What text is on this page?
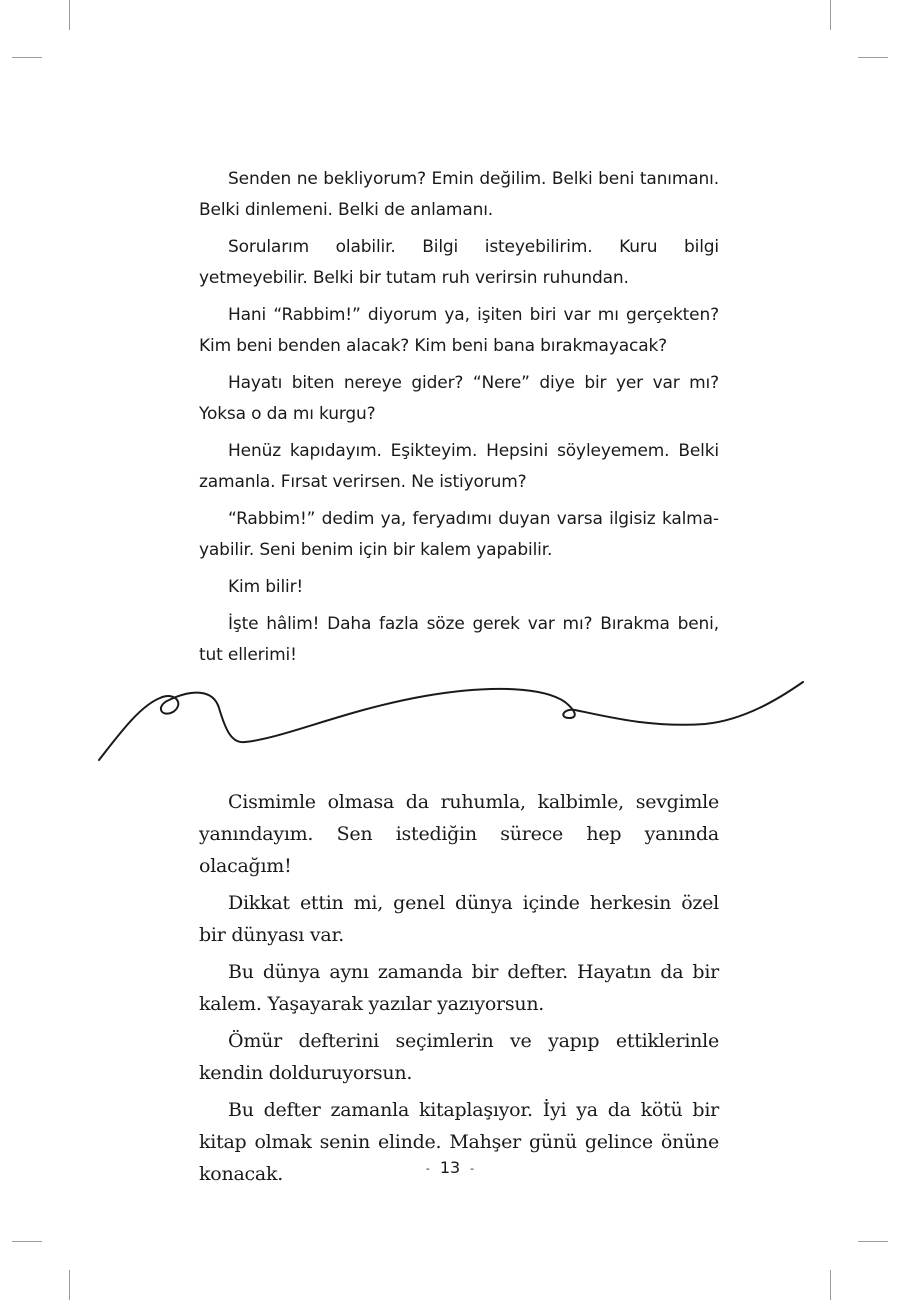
Senden ne bekliyorum? Emin değilim. Belki beni tanımanı. Belki dinlemeni. Belki de anlamanı.

Sorularım olabilir. Bilgi isteyebilirim. Kuru bilgi yetmeyebilir. Belki bir tutam ruh verirsin ruhundan.

Hani “Rabbim!” diyorum ya, işiten biri var mı gerçekten? Kim beni benden alacak? Kim beni bana bırakmayacak?

Hayatı biten nereye gider? “Nere” diye bir yer var mı? Yoksa o da mı kurgu?

Henüz kapıdayım. Eşikteyim. Hepsini söyleyemem. Belki zamanla. Fırsat verirsen. Ne istiyorum?

“Rabbim!” dedim ya, feryadımı duyan varsa ilgisiz kalmayabilir. Seni benim için bir kalem yapabilir.

Kim bilir!

İşte hâlim! Daha fazla söze gerek var mı? Bırakma beni, tut ellerimi!

Cismimle olmasa da ruhumla, kalbimle, sevgimle yanındayım. Sen istediğin sürece hep yanında olacağım!

Dikkat ettin mi, genel dünya içinde herkesin özel bir dünyası var.

Bu dünya aynı zamanda bir defter. Hayatın da bir kalem. Yaşayarak yazılar yazıyorsun.

Ömür defterini seçimlerin ve yapıp ettiklerinle kendin dolduruyorsun.

Bu defter zamanla kitaplaşıyor. İyi ya da kötü bir kitap olmak senin elinde. Mahşer günü gelince önüne konacak.	- 13 -
